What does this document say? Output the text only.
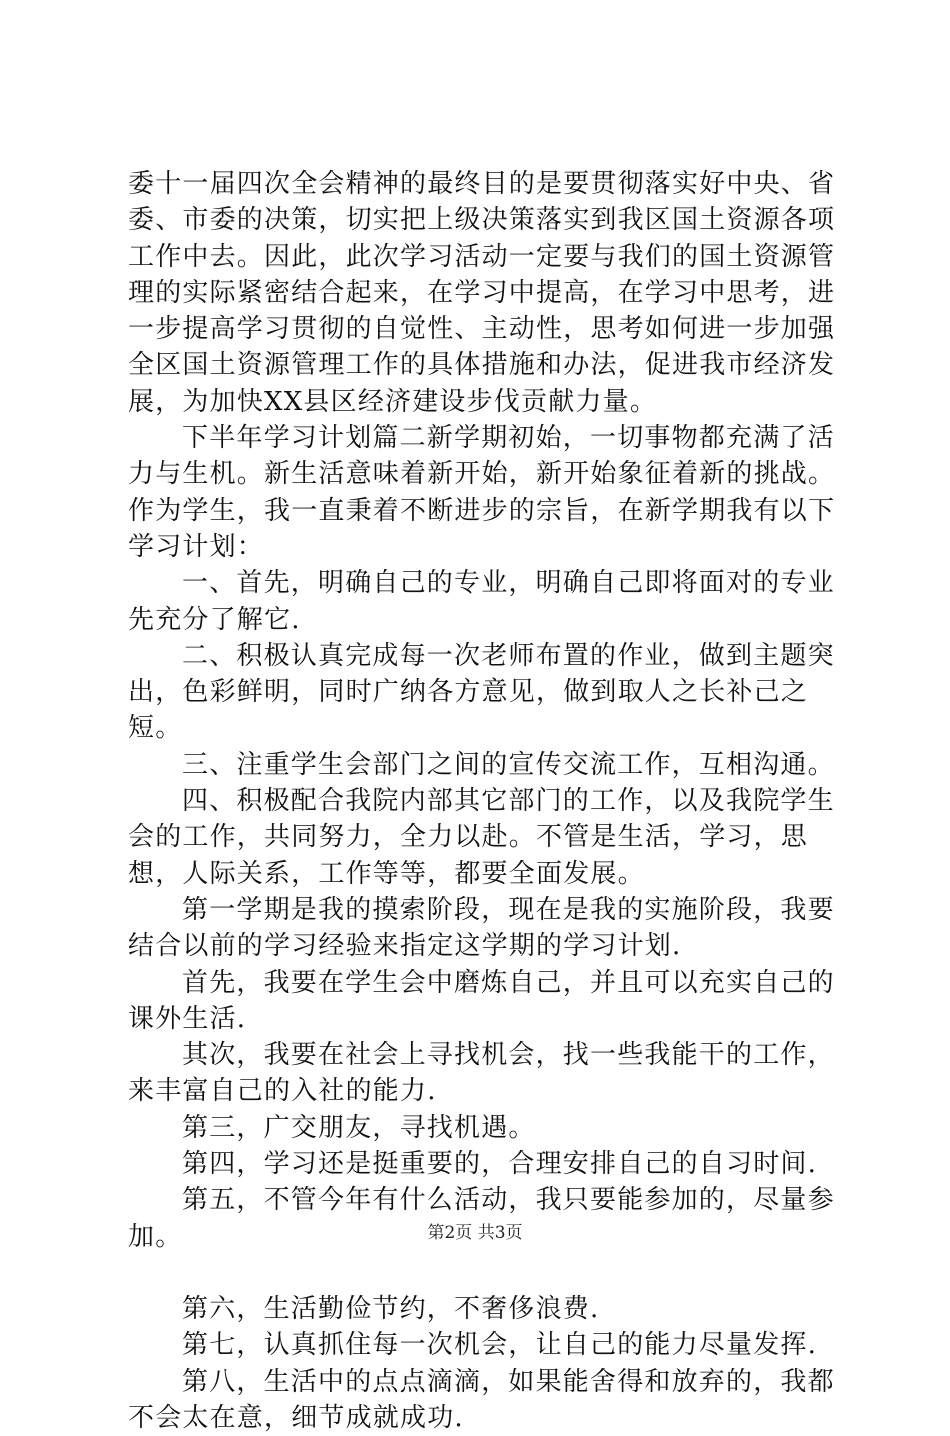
委十一届四次全会精神的最终目的是要贯彻落实好中央、省委、市委的决策，切实把上级决策落实到我区国土资源各项工作中去。因此，此次学习活动一定要与我们的国土资源管理的实际紧密结合起来，在学习中提高，在学习中思考，进一步提高学习贯彻的自觉性、主动性，思考如何进一步加强全区国土资源管理工作的具体措施和办法，促进我市经济发展，为加快XX县区经济建设步伐贡献力量。

下半年学习计划篇二新学期初始，一切事物都充满了活力与生机。新生活意味着新开始，新开始象征着新的挑战。作为学生，我一直秉着不断进步的宗旨，在新学期我有以下学习计划：

一、首先，明确自己的专业，明确自己即将面对的专业先充分了解它.

二、积极认真完成每一次老师布置的作业，做到主题突出，色彩鲜明，同时广纳各方意见，做到取人之长补己之短。

三、注重学生会部门之间的宣传交流工作，互相沟通。

四、积极配合我院内部其它部门的工作，以及我院学生会的工作，共同努力，全力以赴。不管是生活，学习，思想，人际关系，工作等等，都要全面发展。

第一学期是我的摸索阶段，现在是我的实施阶段，我要结合以前的学习经验来指定这学期的学习计划.

首先，我要在学生会中磨炼自己，并且可以充实自己的课外生活.

其次，我要在社会上寻找机会，找一些我能干的工作，来丰富自己的入社的能力.

第三，广交朋友，寻找机遇。

第四，学习还是挺重要的，合理安排自己的自习时间.

第五，不管今年有什么活动，我只要能参加的，尽量参加。

第六，生活勤俭节约，不奢侈浪费.

第七，认真抓住每一次机会，让自己的能力尽量发挥.

第八，生活中的点点滴滴，如果能舍得和放弃的，我都不会太在意，细节成就成功.

第2页 共3页
